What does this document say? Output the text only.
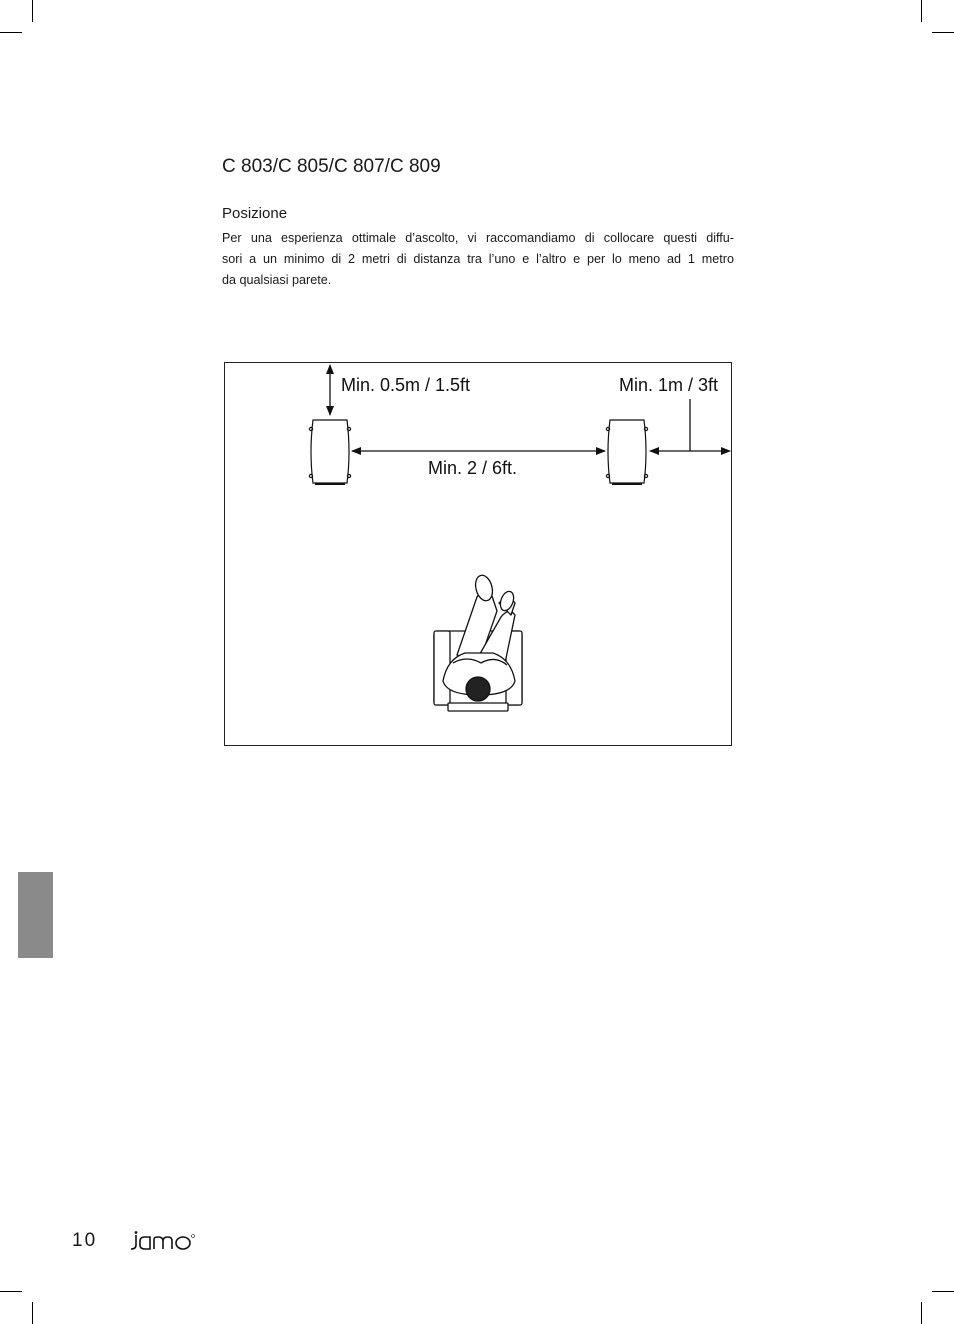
C 803/C 805/C 807/C 809
Posizione
Per una esperienza ottimale d’ascolto, vi raccomandiamo di collocare questi diffu-
sori a un minimo di 2 metri di distanza tra l’uno e l’altro e per lo meno ad 1 metro
da qualsiasi parete.
Min. 0.5m / 1.5ft	Min. 1m / 3ft
Min. 2 / 6ft.
10
